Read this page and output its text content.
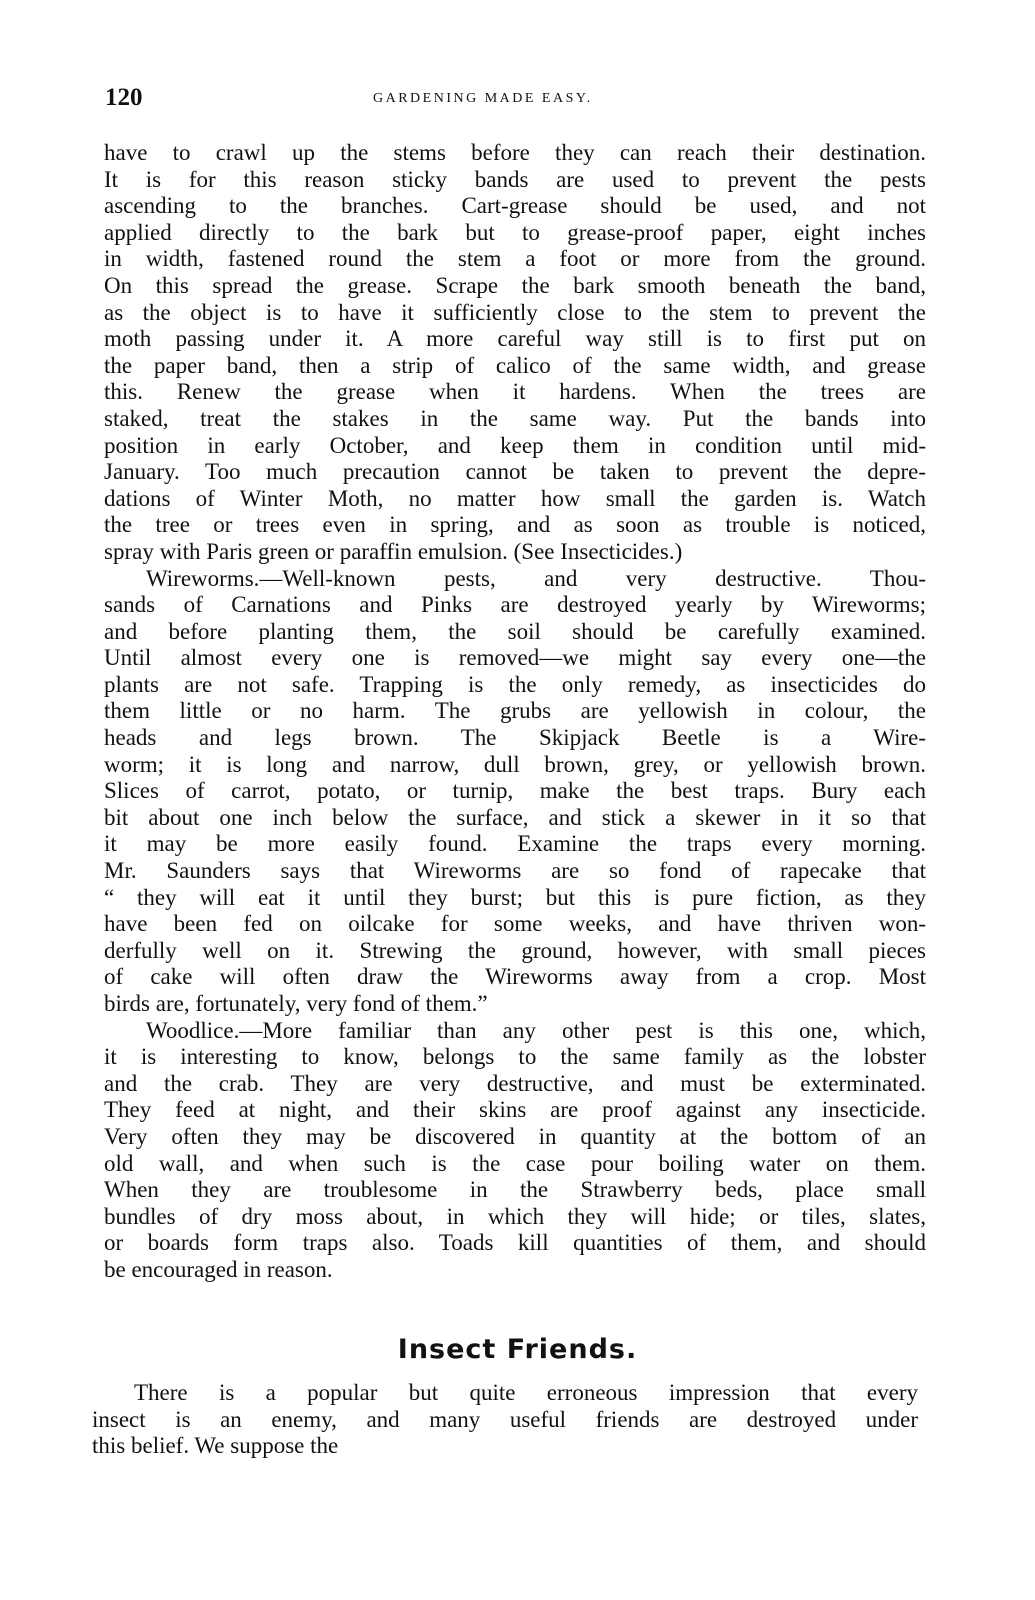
120	GARDENING MADE EASY.
have to crawl up the stems before they can reach their destination.
It is for this reason sticky bands are used to prevent the pests
ascending to the branches. Cart-grease should be used, and not
applied directly to the bark but to grease-proof paper, eight inches
in width, fastened round the stem a foot or more from the ground.
On this spread the grease. Scrape the bark smooth beneath the band,
as the object is to have it sufficiently close to the stem to prevent the
moth passing under it. A more careful way still is to first put on
the paper band, then a strip of calico of the same width, and grease
this. Renew the grease when it hardens. When the trees are
staked, treat the stakes in the same way. Put the bands into
position in early October, and keep them in condition until mid-
January. Too much precaution cannot be taken to prevent the depre-
dations of Winter Moth, no matter how small the garden is. Watch
the tree or trees even in spring, and as soon as trouble is noticed,
spray with Paris green or paraffin emulsion. (See Insecticides.)
Wireworms.—Well-known pests, and very destructive. Thou-
sands of Carnations and Pinks are destroyed yearly by Wireworms;
and before planting them, the soil should be carefully examined.
Until almost every one is removed—we might say every one—the
plants are not safe. Trapping is the only remedy, as insecticides do
them little or no harm. The grubs are yellowish in colour, the
heads and legs brown. The Skipjack Beetle is a Wire-
worm; it is long and narrow, dull brown, grey, or yellowish brown.
Slices of carrot, potato, or turnip, make the best traps. Bury each
bit about one inch below the surface, and stick a skewer in it so that
it may be more easily found. Examine the traps every morning.
Mr. Saunders says that Wireworms are so fond of rapecake that
“ they will eat it until they burst; but this is pure fiction, as they
have been fed on oilcake for some weeks, and have thriven won-
derfully well on it. Strewing the ground, however, with small pieces
of cake will often draw the Wireworms away from a crop. Most
birds are, fortunately, very fond of them.”
Woodlice.—More familiar than any other pest is this one, which,
it is interesting to know, belongs to the same family as the lobster
and the crab. They are very destructive, and must be exterminated.
They feed at night, and their skins are proof against any insecticide.
Very often they may be discovered in quantity at the bottom of an
old wall, and when such is the case pour boiling water on them.
When they are troublesome in the Strawberry beds, place small
bundles of dry moss about, in which they will hide; or tiles, slates,
or boards form traps also. Toads kill quantities of them, and should
be encouraged in reason.
Insect Friends.
There is a popular but quite erroneous impression that every
insect is an enemy, and many useful friends are destroyed under
this belief. We suppose the
